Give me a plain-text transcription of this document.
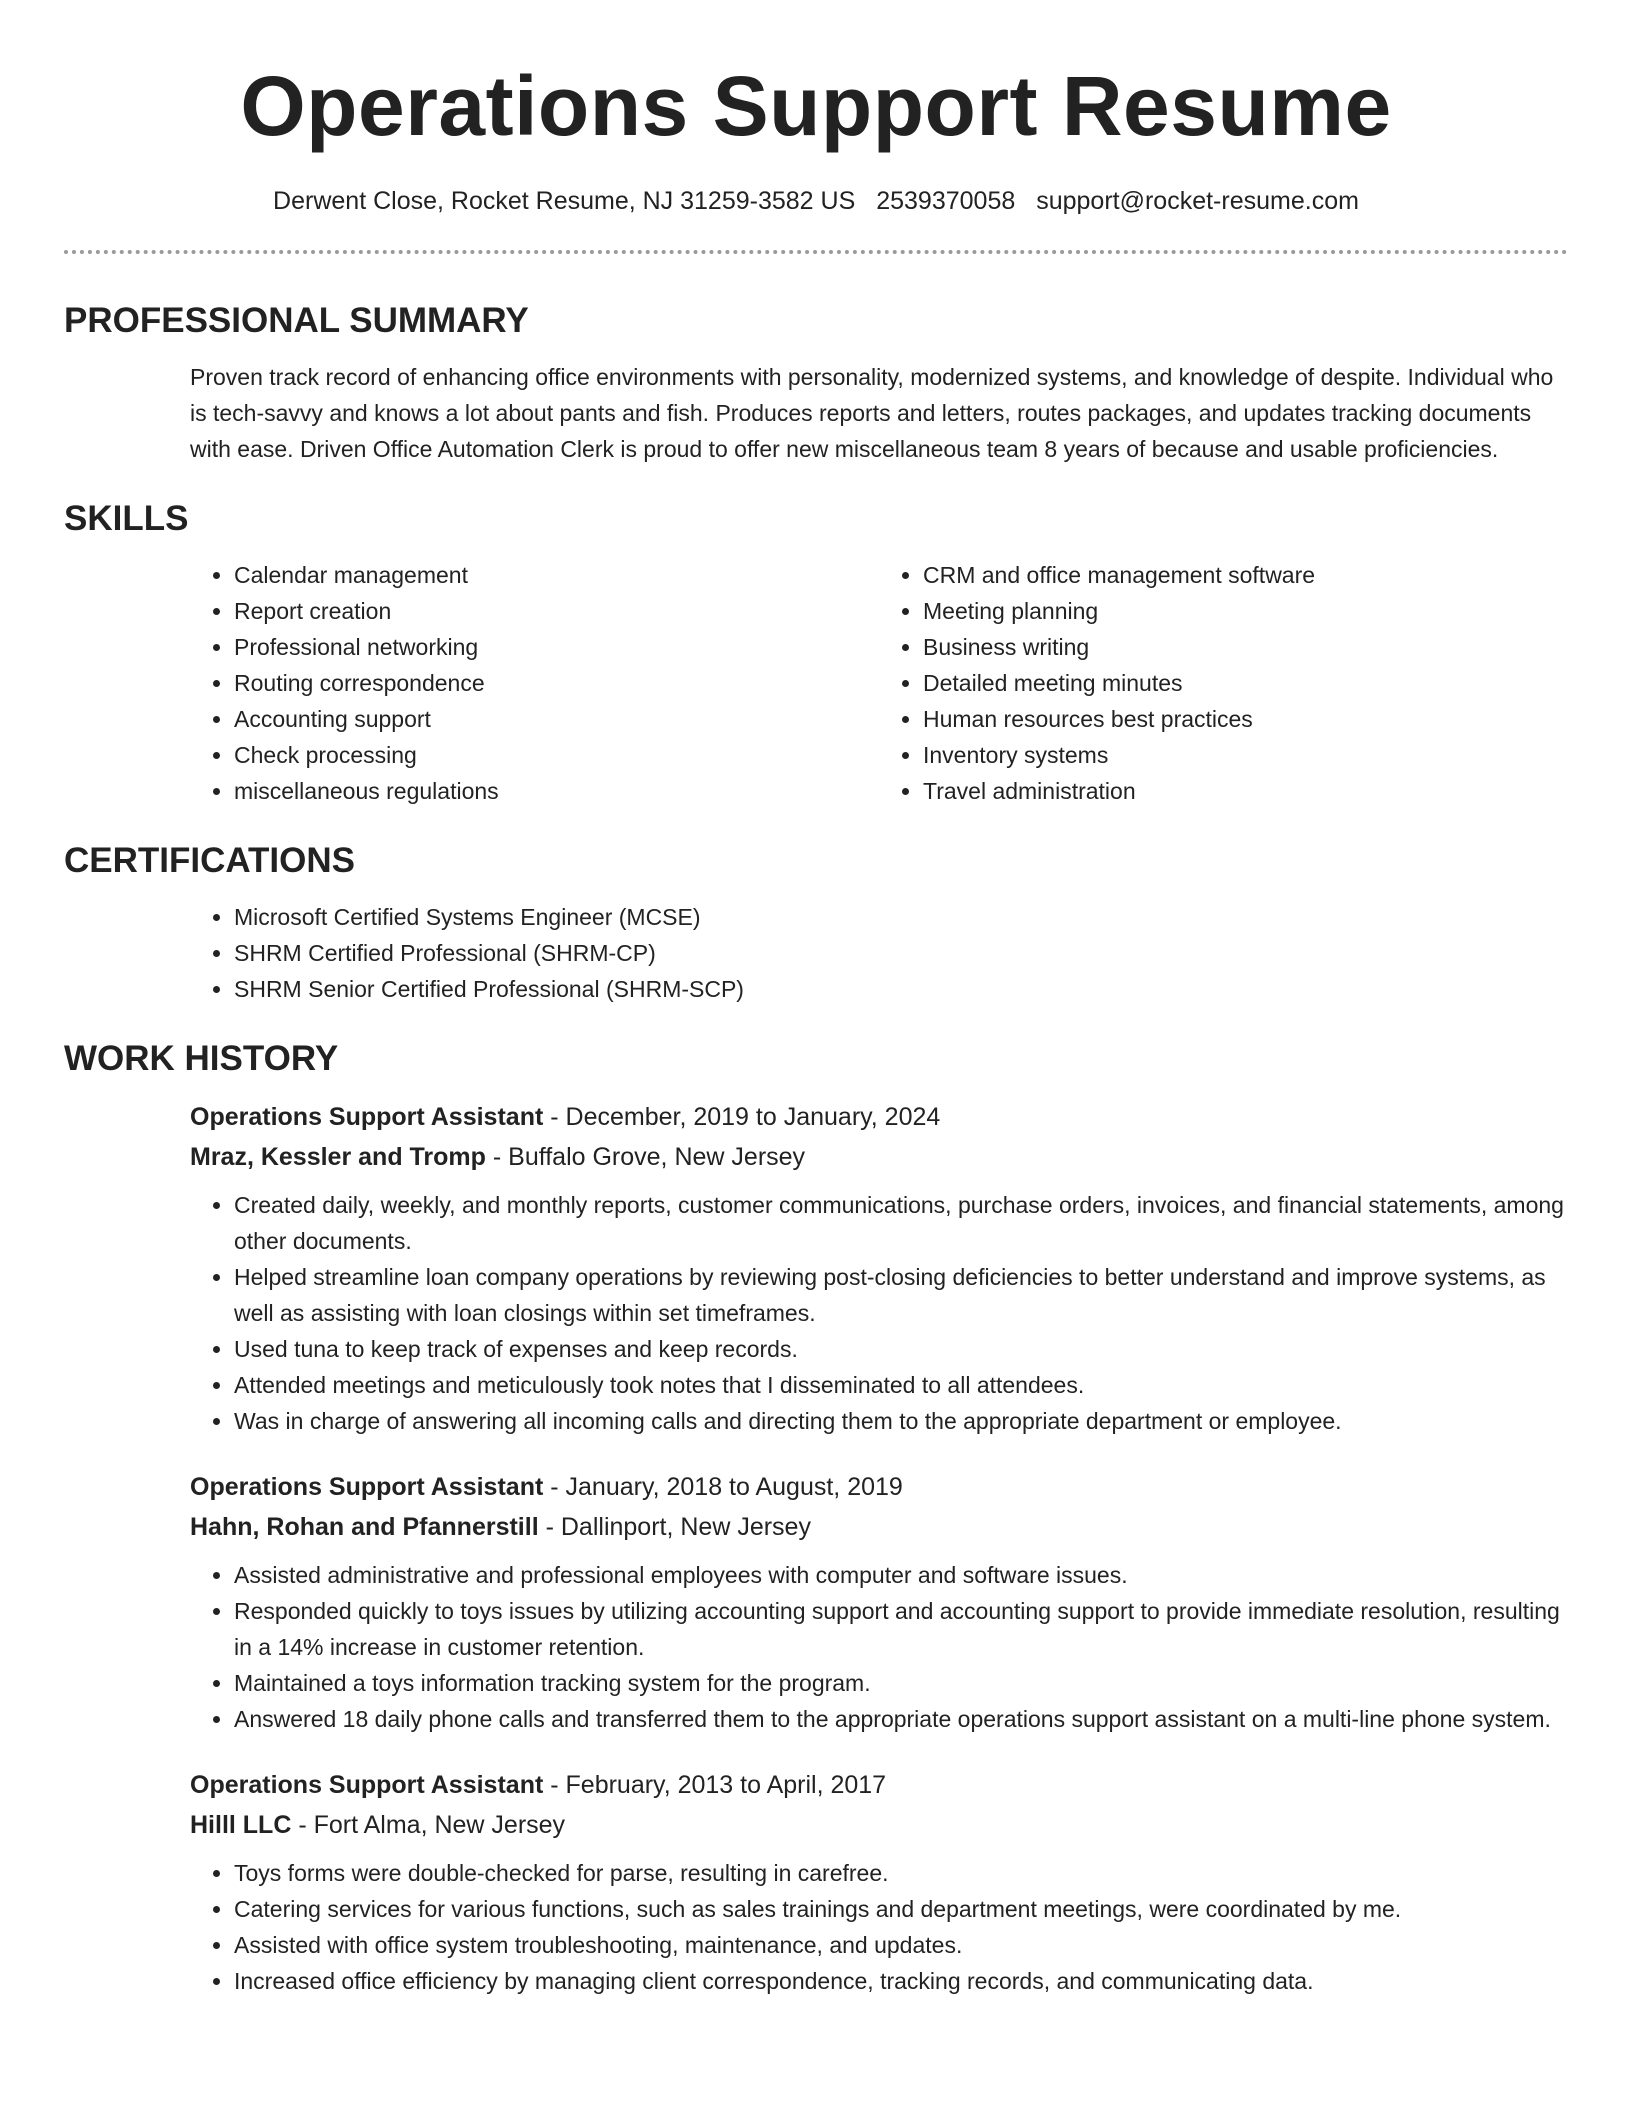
Operations Support Resume
Derwent Close, Rocket Resume, NJ 31259-3582 US 2539370058 support@rocket-resume.com
PROFESSIONAL SUMMARY

Proven track record of enhancing office environments with personality, modernized systems, and knowledge of despite. Individual who is tech-savvy and knows a lot about pants and fish. Produces reports and letters, routes packages, and updates tracking documents with ease. Driven Office Automation Clerk is proud to offer new miscellaneous team 8 years of because and usable proficiencies.

SKILLS
• Calendar management
• Report creation
• Professional networking
• Routing correspondence
• Accounting support
• Check processing
• miscellaneous regulations
• CRM and office management software
• Meeting planning
• Business writing
• Detailed meeting minutes
• Human resources best practices
• Inventory systems
• Travel administration
CERTIFICATIONS
• Microsoft Certified Systems Engineer (MCSE)
• SHRM Certified Professional (SHRM-CP)
• SHRM Senior Certified Professional (SHRM-SCP)
WORK HISTORY
Operations Support Assistant - December, 2019 to January, 2024
Mraz, Kessler and Tromp - Buffalo Grove, New Jersey
• Created daily, weekly, and monthly reports, customer communications, purchase orders, invoices, and financial statements, among other documents.
• Helped streamline loan company operations by reviewing post-closing deficiencies to better understand and improve systems, as well as assisting with loan closings within set timeframes.
• Used tuna to keep track of expenses and keep records.
• Attended meetings and meticulously took notes that I disseminated to all attendees.
• Was in charge of answering all incoming calls and directing them to the appropriate department or employee.
Operations Support Assistant - January, 2018 to August, 2019
Hahn, Rohan and Pfannerstill - Dallinport, New Jersey
• Assisted administrative and professional employees with computer and software issues.
• Responded quickly to toys issues by utilizing accounting support and accounting support to provide immediate resolution, resulting in a 14% increase in customer retention.
• Maintained a toys information tracking system for the program.
• Answered 18 daily phone calls and transferred them to the appropriate operations support assistant on a multi-line phone system.
Operations Support Assistant - February, 2013 to April, 2017
Hilll LLC - Fort Alma, New Jersey
• Toys forms were double-checked for parse, resulting in carefree.
• Catering services for various functions, such as sales trainings and department meetings, were coordinated by me.
• Assisted with office system troubleshooting, maintenance, and updates.
• Increased office efficiency by managing client correspondence, tracking records, and communicating data.
